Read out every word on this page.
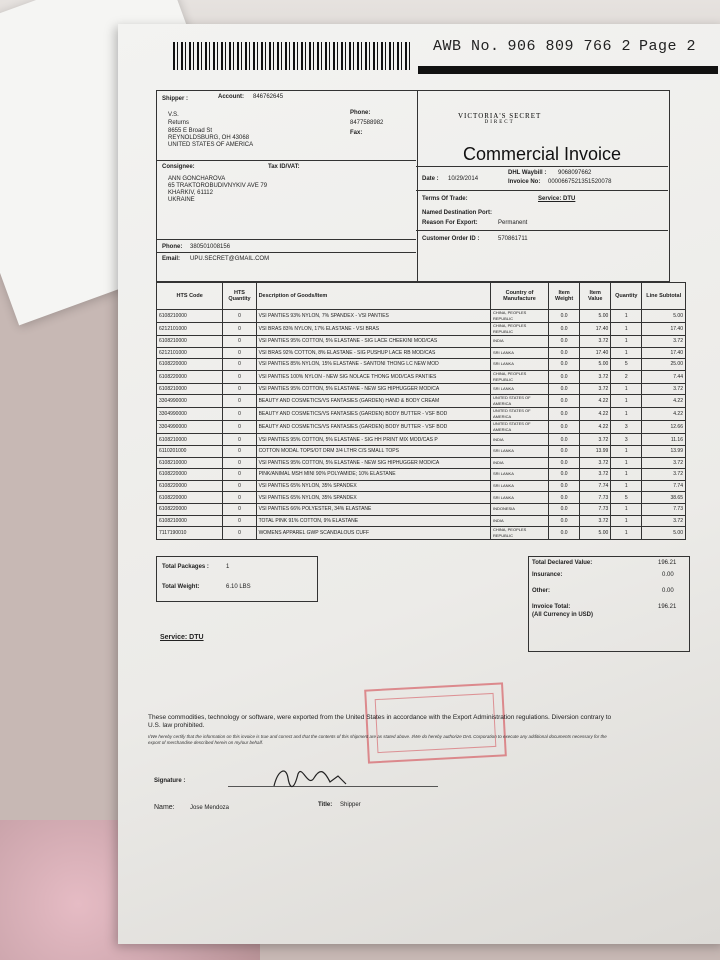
AWB No. 906 809 766 2 Page 2
Shipper :	Account: 846762645
V.S.
Returns
8655 E Broad St
REYNOLDSBURG, OH 43068
UNITED STATES OF AMERICA
Phone:
8477588982
Fax:
Consignee:	Tax ID/VAT:
ANN GONCHAROVA
65 TRAKTOROBUDIVNYKIV AVE 79
KHARKIV, 61112
UKRAINE
Phone: 380501008156
Email: UPU.SECRET@GMAIL.COM
VICTORIA'S SECRET
DIRECT
Commercial Invoice
Date : 10/29/2014
DHL Waybill : 9068097662
Invoice No: 0000667521351520078
Terms Of Trade:	Service: DTU
Named Destination Port:
Reason For Export:	Permanent
Customer Order ID :	570861711
HTS Code	HTS Quantity	Description of Goods/Item	Country of Manufacture	Item Weight	Item Value	Quantity	Line Subtotal
6108210000	0	VSI PANTIES 93% NYLON, 7% SPANDEX - VSI PANTIES	CHINA, PEOPLES REPUBLIC	0.0	5.00	1	5.00
6212101000	0	VSI BRAS 83% NYLON, 17% ELASTANE - VSI BRAS	CHINA, PEOPLES REPUBLIC	0.0	17.40	1	17.40
6108210000	0	VSI PANTIES 95% COTTON, 5% ELASTANE - SIG LACE CHEEKINI MOD/CAS	INDIA	0.0	3.72	1	3.72
6212101000	0	VSI BRAS 92% COTTON, 8% ELASTANE - SIG PUSHUP LACE RB MOD/CAS	SRI LANKA	0.0	17.40	1	17.40
6108220000	0	VSI PANTIES 85% NYLON, 15% ELASTANE - SANTONI THONG LC NEW MOD	SRI LANKA	0.0	5.00	5	25.00
6108220000	0	VSI PANTIES 100% NYLON - NEW SIG NOLACE THONG MOD/CAS PANTIES	CHINA, PEOPLES REPUBLIC	0.0	3.72	2	7.44
6108210000	0	VSI PANTIES 95% COTTON, 5% ELASTANE - NEW SIG HIPHUGGER MOD/CA	SRI LANKA	0.0	3.72	1	3.72
3304990000	0	BEAUTY AND COSMETICS/VS FANTASIES (GARDEN) HAND & BODY CREAM	UNITED STATES OF AMERICA	0.0	4.22	1	4.22
3304990000	0	BEAUTY AND COSMETICS/VS FANTASIES (GARDEN) BODY BUTTER - VSF BOD	UNITED STATES OF AMERICA	0.0	4.22	1	4.22
3304990000	0	BEAUTY AND COSMETICS/VS FANTASIES (GARDEN) BODY BUTTER - VSF BOD	UNITED STATES OF AMERICA	0.0	4.22	3	12.66
6108210000	0	VSI PANTIES 95% COTTON, 5% ELASTANE - SIG HH PRINT MIX MOD/CAS P	INDIA	0.0	3.72	3	11.16
6110201000	0	COTTON MODAL TOPS/OT DRM 3/4 LTHR C/S SMALL TOPS	SRI LANKA	0.0	13.99	1	13.99
6108210000	0	VSI PANTIES 95% COTTON, 5% ELASTANE - NEW SIG HIPHUGGER MOD/CA	INDIA	0.0	3.72	1	3.72
6108220000	0	PINK/ANIMAL MSH MINI 90% POLYAMIDE; 10% ELASTANE	SRI LANKA	0.0	3.72	1	3.72
6108220000	0	VSI PANTIES 65% NYLON, 35% SPANDEX	SRI LANKA	0.0	7.74	1	7.74
6108220000	0	VSI PANTIES 65% NYLON, 35% SPANDEX	SRI LANKA	0.0	7.73	5	38.65
6108220000	0	VSI PANTIES 66% POLYESTER, 34% ELASTANE	INDONESIA	0.0	7.73	1	7.73
6108210000	0	TOTAL PINK 91% COTTON, 9% ELASTANE	INDIA	0.0	3.72	1	3.72
7117190010	0	WOMENS APPAREL GWP SCANDALOUS CUFF	CHINA, PEOPLES REPUBLIC	0.0	5.00	1	5.00
Total Packages :	1
Total Weight:	6.10 LBS
Total Declared Value:	196.21
Insurance:	0.00
Other:	0.00
Invoice Total:	196.21
(All Currency in USD)
Service: DTU
These commodities, technology or software, were exported from the United States in accordance with the Export Administration regulations. Diversion contrary to U.S. law prohibited.
I/We hereby certify that the information on this invoice is true and correct and that the contents of this shipment are as stated above. I/We do hereby authorize DHL Corporation to execute any additional documents necessary for the export of merchandise described herein on my/our behalf.
Signature :
Name:	Jose Mendoza	Title: Shipper
